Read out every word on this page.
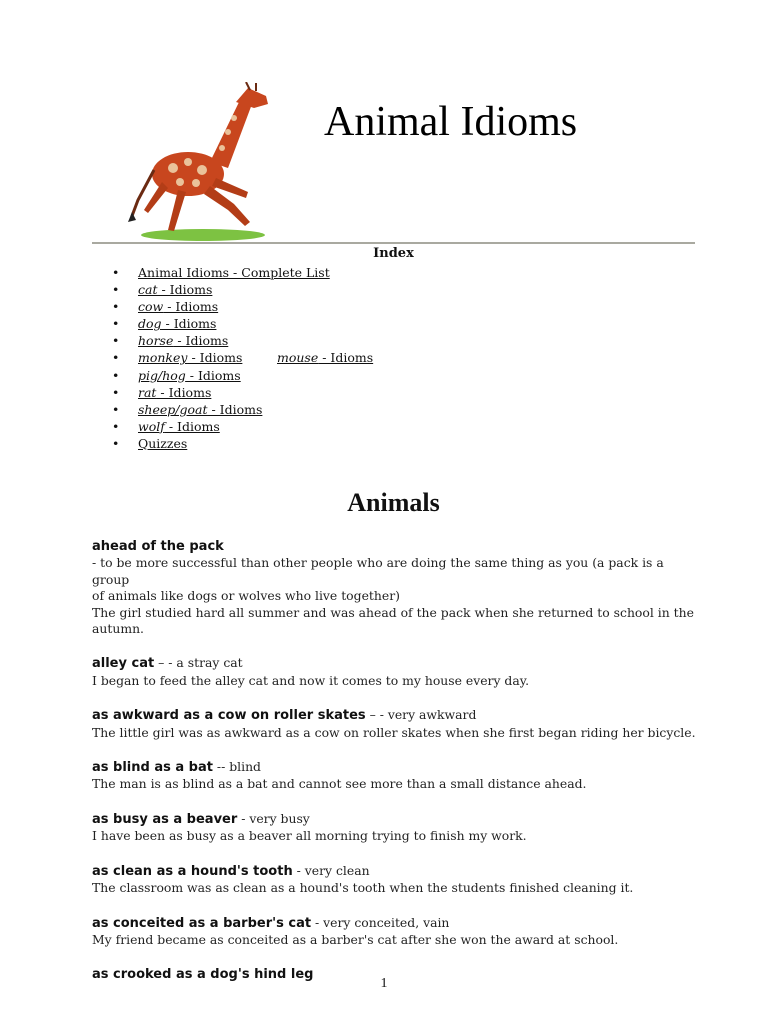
Animal Idioms
Index
• Animal Idioms - Complete List
• cat - Idioms
• cow - Idioms
• dog - Idioms
• horse - Idioms
• monkey - Idioms	mouse - Idioms
• pig/hog - Idioms
• rat - Idioms
• sheep/goat - Idioms
• wolf - Idioms
• Quizzes
Animals
ahead of the pack
- to be more successful than other people who are doing the same thing as you (a pack is a group
of animals like dogs or wolves who live together)
The girl studied hard all summer and was ahead of the pack when she returned to school in the
autumn.
alley cat – - a stray cat
I began to feed the alley cat and now it comes to my house every day.
as awkward as a cow on roller skates – - very awkward
The little girl was as awkward as a cow on roller skates when she first began riding her bicycle.
as blind as a bat -- blind
The man is as blind as a bat and cannot see more than a small distance ahead.
as busy as a beaver - very busy
I have been as busy as a beaver all morning trying to finish my work.
as clean as a hound's tooth - very clean
The classroom was as clean as a hound's tooth when the students finished cleaning it.
as conceited as a barber's cat - very conceited, vain
My friend became as conceited as a barber's cat after she won the award at school.
as crooked as a dog's hind leg
1
